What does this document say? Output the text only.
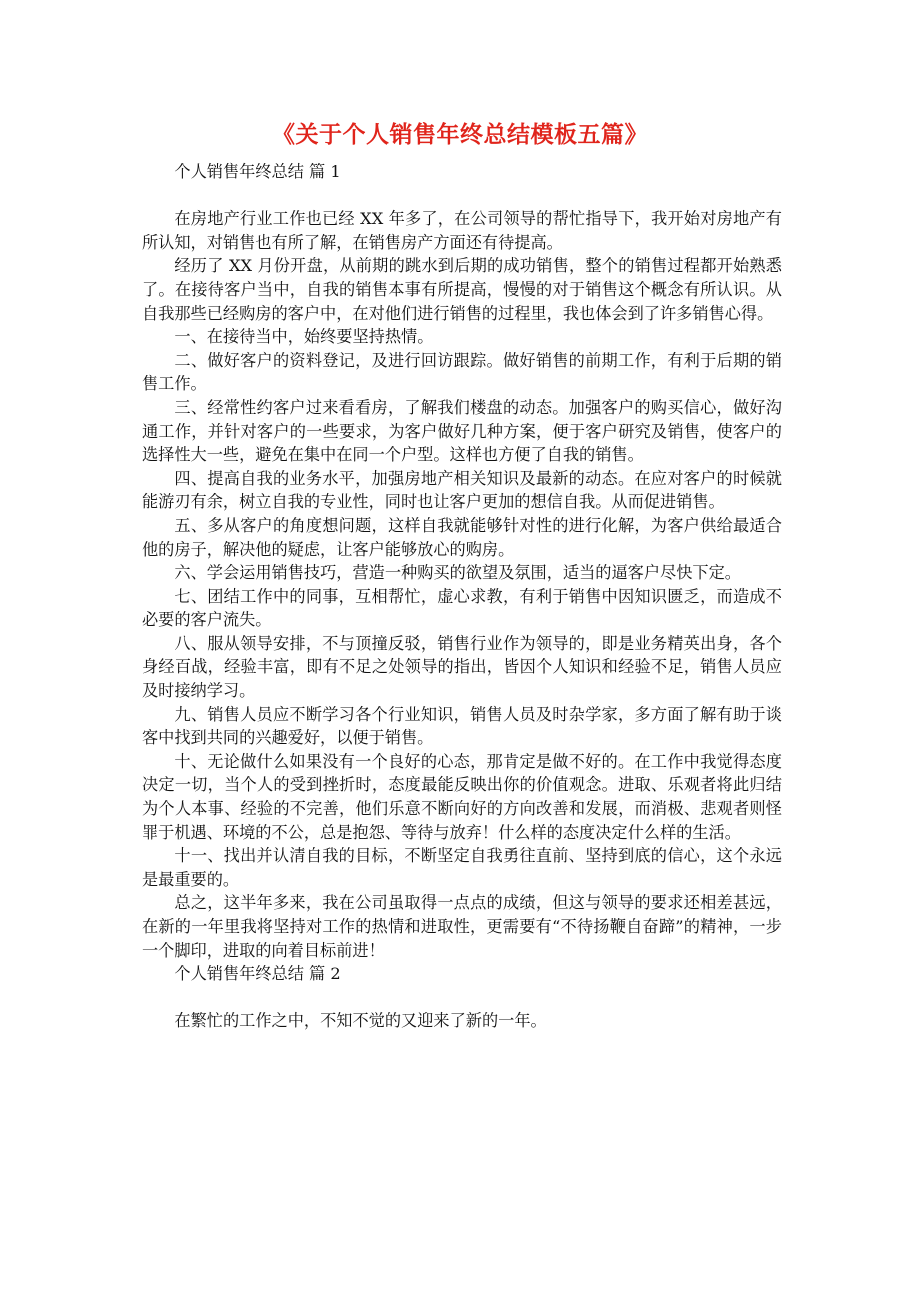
《关于个人销售年终总结模板五篇》

个人销售年终总结 篇 1

在房地产行业工作也已经 XX 年多了，在公司领导的帮忙指导下，我开始对房地产有所认知，对销售也有所了解，在销售房产方面还有待提高。

经历了 XX 月份开盘，从前期的跳水到后期的成功销售，整个的销售过程都开始熟悉了。在接待客户当中，自我的销售本事有所提高，慢慢的对于销售这个概念有所认识。从自我那些已经购房的客户中，在对他们进行销售的过程里，我也体会到了许多销售心得。

一、在接待当中，始终要坚持热情。

二、做好客户的资料登记，及进行回访跟踪。做好销售的前期工作，有利于后期的销售工作。

三、经常性约客户过来看看房，了解我们楼盘的动态。加强客户的购买信心，做好沟通工作，并针对客户的一些要求，为客户做好几种方案，便于客户研究及销售，使客户的选择性大一些，避免在集中在同一个户型。这样也方便了自我的销售。

四、提高自我的业务水平，加强房地产相关知识及最新的动态。在应对客户的时候就能游刃有余，树立自我的专业性，同时也让客户更加的想信自我。从而促进销售。

五、多从客户的角度想问题，这样自我就能够针对性的进行化解，为客户供给最适合他的房子，解决他的疑虑，让客户能够放心的购房。

六、学会运用销售技巧，营造一种购买的欲望及氛围，适当的逼客户尽快下定。

七、团结工作中的同事，互相帮忙，虚心求教，有利于销售中因知识匮乏，而造成不必要的客户流失。

八、服从领导安排，不与顶撞反驳，销售行业作为领导的，即是业务精英出身，各个身经百战，经验丰富，即有不足之处领导的指出，皆因个人知识和经验不足，销售人员应及时接纳学习。

九、销售人员应不断学习各个行业知识，销售人员及时杂学家，多方面了解有助于谈客中找到共同的兴趣爱好，以便于销售。

十、无论做什么如果没有一个良好的心态，那肯定是做不好的。在工作中我觉得态度决定一切，当个人的受到挫折时，态度最能反映出你的价值观念。进取、乐观者将此归结为个人本事、经验的不完善，他们乐意不断向好的方向改善和发展，而消极、悲观者则怪罪于机遇、环境的不公，总是抱怨、等待与放弃！什么样的态度决定什么样的生活。

十一、找出并认清自我的目标，不断坚定自我勇往直前、坚持到底的信心，这个永远是最重要的。

总之，这半年多来，我在公司虽取得一点点的成绩，但这与领导的要求还相差甚远，在新的一年里我将坚持对工作的热情和进取性，更需要有“不待扬鞭自奋蹄”的精神，一步一个脚印，进取的向着目标前进！

个人销售年终总结 篇 2

在繁忙的工作之中，不知不觉的又迎来了新的一年。
